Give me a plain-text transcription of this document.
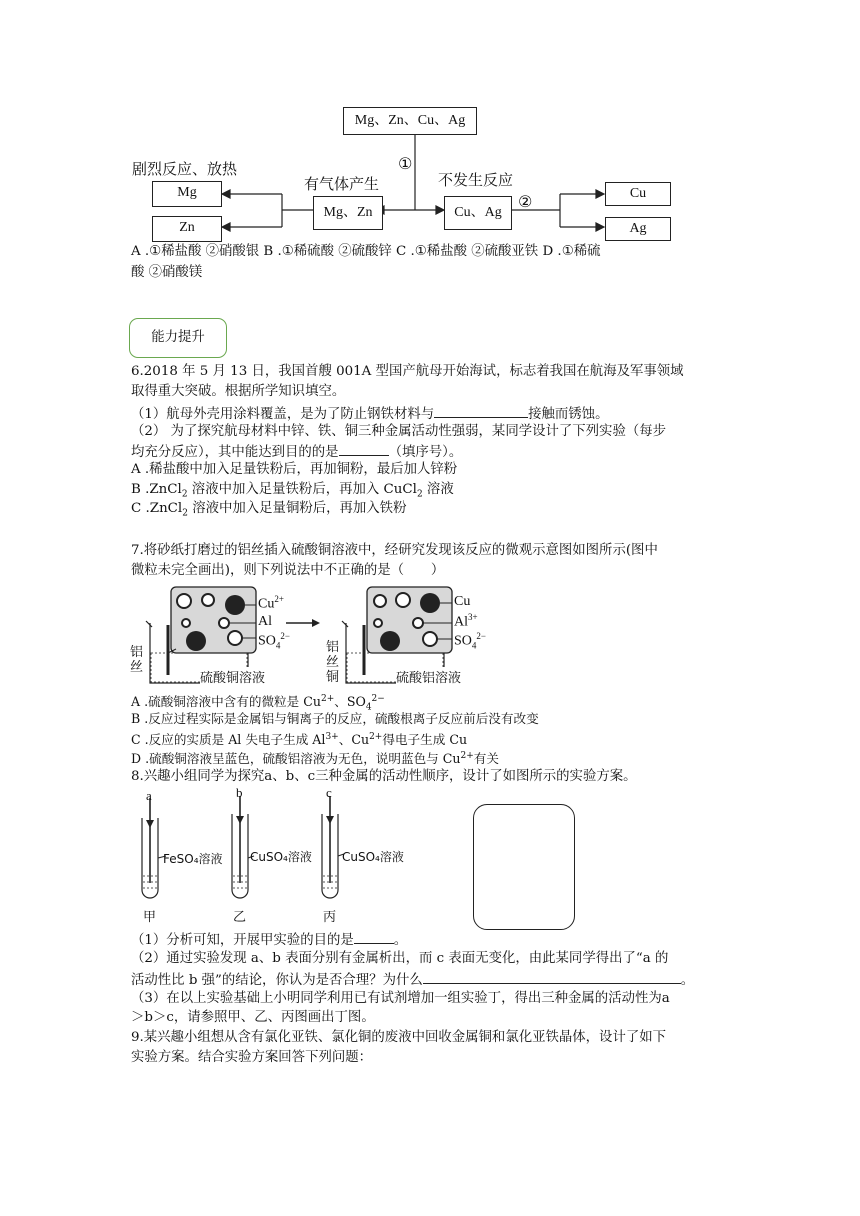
Mg、Zn、Cu、Ag
①
有气体产生
Mg、Zn
剧烈反应、放热
Mg
Zn
不发生反应
Cu、Ag
②	Cu
Ag
A .①稀盐酸 ②硝酸银 B .①稀硫酸 ②硫酸锌 C .①稀盐酸 ②硫酸亚铁 D .①稀硫
酸 ②硝酸镁
能力提升
6.2018 年 5 月 13 日，我国首艘 001A 型国产航母开始海试，标志着我国在航海及军事领域
取得重大突破。根据所学知识填空。
（1）航母外壳用涂料覆盖，是为了防止钢铁材料与	接触而锈蚀。
（2） 为了探究航母材料中锌、铁、铜三种金属活动性强弱，某同学设计了下列实验（每步
均充分反应），其中能达到目的的是	（填序号）。
A .稀盐酸中加入足量铁粉后，再加铜粉，最后加人锌粉
B .ZnCl$_2$ 溶液中加入足量铁粉后，再加入 CuCl$_2$ 溶液
C .ZnCl$_2$ 溶液中加入足量铜粉后，再加入铁粉
7.将砂纸打磨过的铝丝插入硫酸铜溶液中，经研究发现该反应的微观示意图如图所示(图中
微粒未完全画出)，则下列说法中不正确的是（　　）
$Cu^{2+}$
Al
$SO_4^{2-}$
铝丝
硫酸铜溶液
Cu
$Al^{3+}$
$SO_4^{2-}$
铝丝铜	硫酸铝溶液
A .硫酸铜溶液中含有的微粒是 $Cu^{2+}$、$SO_4^{2-}$
B .反应过程实际是金属铝与铜离子的反应，硫酸根离子反应前后没有改变
C .反应的实质是 Al 失电子生成 $Al^{3+}$、$Cu^{2+}$得电子生成 Cu
D .硫酸铜溶液呈蓝色，硫酸铝溶液为无色，说明蓝色与 $Cu^{2+}$有关
8.兴趣小组同学为探究a、b、c三种金属的活动性顺序，设计了如图所示的实验方案。
a	b	c
FeSO₄溶液 CuSO₄溶液	CuSO₄溶液
甲	乙	丙
（1）分析可知，开展甲实验的目的是	。
（2）通过实验发现 a、b 表面分别有金属析出，而 c 表面无变化，由此某同学得出了“a 的
活动性比 b 强”的结论，你认为是否合理？为什么	。
（3）在以上实验基础上小明同学利用已有试剂增加一组实验丁，得出三种金属的活动性为a
＞b＞c，请参照甲、乙、丙图画出丁图。
9.某兴趣小组想从含有氯化亚铁、氯化铜的废液中回收金属铜和氯化亚铁晶体，设计了如下
实验方案。结合实验方案回答下列问题：
